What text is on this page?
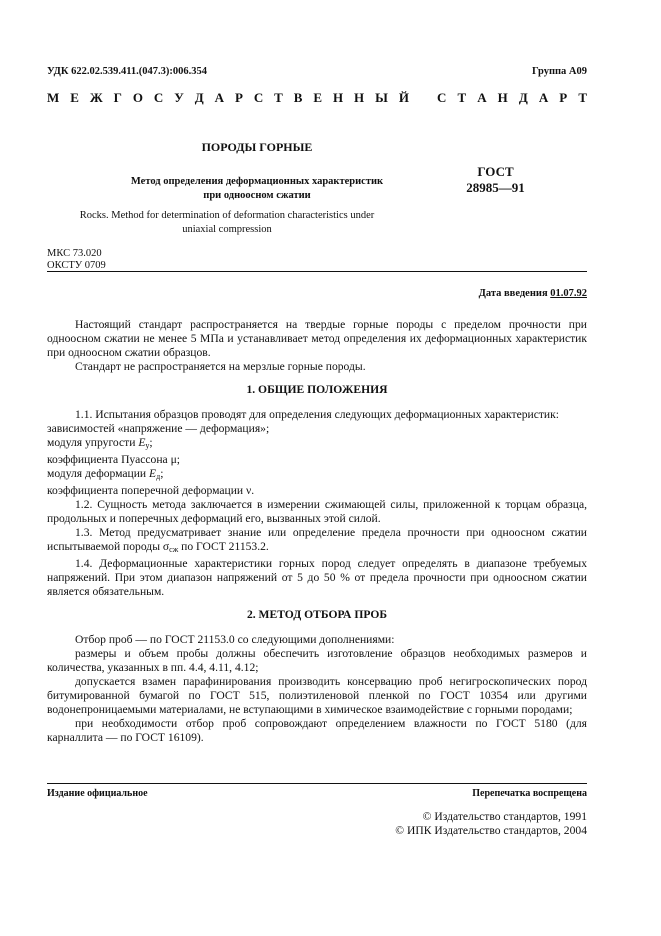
УДК 622.02.539.411.(047.3):006.354	Группа А09
М Е Ж Г О С У Д А Р С Т В Е Н Н Ы Й С Т А Н Д А Р Т
ПОРОДЫ ГОРНЫЕ
Метод определения деформационных характеристик
при одноосном сжатии
ГОСТ
28985—91
Rocks. Method for determination of deformation characteristics under
uniaxial compression
МКС 73.020
ОКСТУ 0709
Дата введения 01.07.92

Настоящий стандарт распространяется на твердые горные породы с пределом прочности при одноосном сжатии не менее 5 МПа и устанавливает метод определения их деформационных характеристик при одноосном сжатии образцов.

Стандарт не распространяется на мерзлые горные породы.

1. ОБЩИЕ ПОЛОЖЕНИЯ

1.1. Испытания образцов проводят для определения следующих деформационных характеристик:

зависимостей «напряжение — деформация»;

модуля упругости $E_у$;

коэффициента Пуассона μ;

модуля деформации $E_д$;

коэффициента поперечной деформации ν.

1.2. Сущность метода заключается в измерении сжимающей силы, приложенной к торцам образца, продольных и поперечных деформаций его, вызванных этой силой.

1.3. Метод предусматривает знание или определение предела прочности при одноосном сжатии испытываемой породы $\sigma_{сж}$ по ГОСТ 21153.2.

1.4. Деформационные характеристики горных пород следует определять в диапазоне требуемых напряжений. При этом диапазон напряжений от 5 до 50 % от предела прочности при одноосном сжатии является обязательным.

2. МЕТОД ОТБОРА ПРОБ

Отбор проб — по ГОСТ 21153.0 со следующими дополнениями:

размеры и объем пробы должны обеспечить изготовление образцов необходимых размеров и количества, указанных в пп. 4.4, 4.11, 4.12;

допускается взамен парафинирования производить консервацию проб негигроскопических пород битумированной бумагой по ГОСТ 515, полиэтиленовой пленкой по ГОСТ 10354 или другими водонепроницаемыми материалами, не вступающими в химическое взаимодействие с горными породами;

при необходимости отбор проб сопровождают определением влажности по ГОСТ 5180 (для карналлита — по ГОСТ 16109).

Издание официальное	Перепечатка воспрещена
© Издательство стандартов, 1991
© ИПК Издательство стандартов, 2004
